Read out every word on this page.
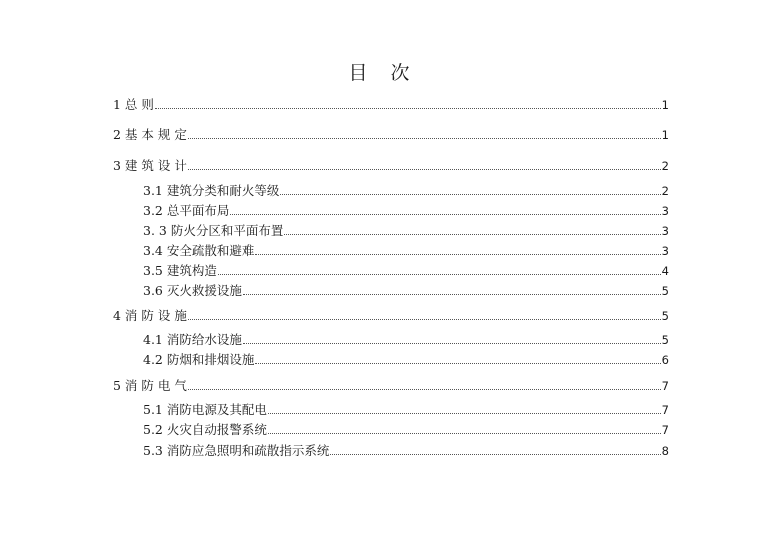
目　次
1 总 则	1
2 基 本 规 定	1
3 建 筑 设 计	2
3.1 建筑分类和耐火等级	2
3.2 总平面布局	3
3. 3 防火分区和平面布置	3
3.4 安全疏散和避难	3
3.5 建筑构造	4
3.6 灭火救援设施	5
4 消 防 设 施	5
4.1 消防给水设施	5
4.2 防烟和排烟设施	6
5 消 防 电 气	7
5.1 消防电源及其配电	7
5.2 火灾自动报警系统	7
5.3 消防应急照明和疏散指示系统	8
